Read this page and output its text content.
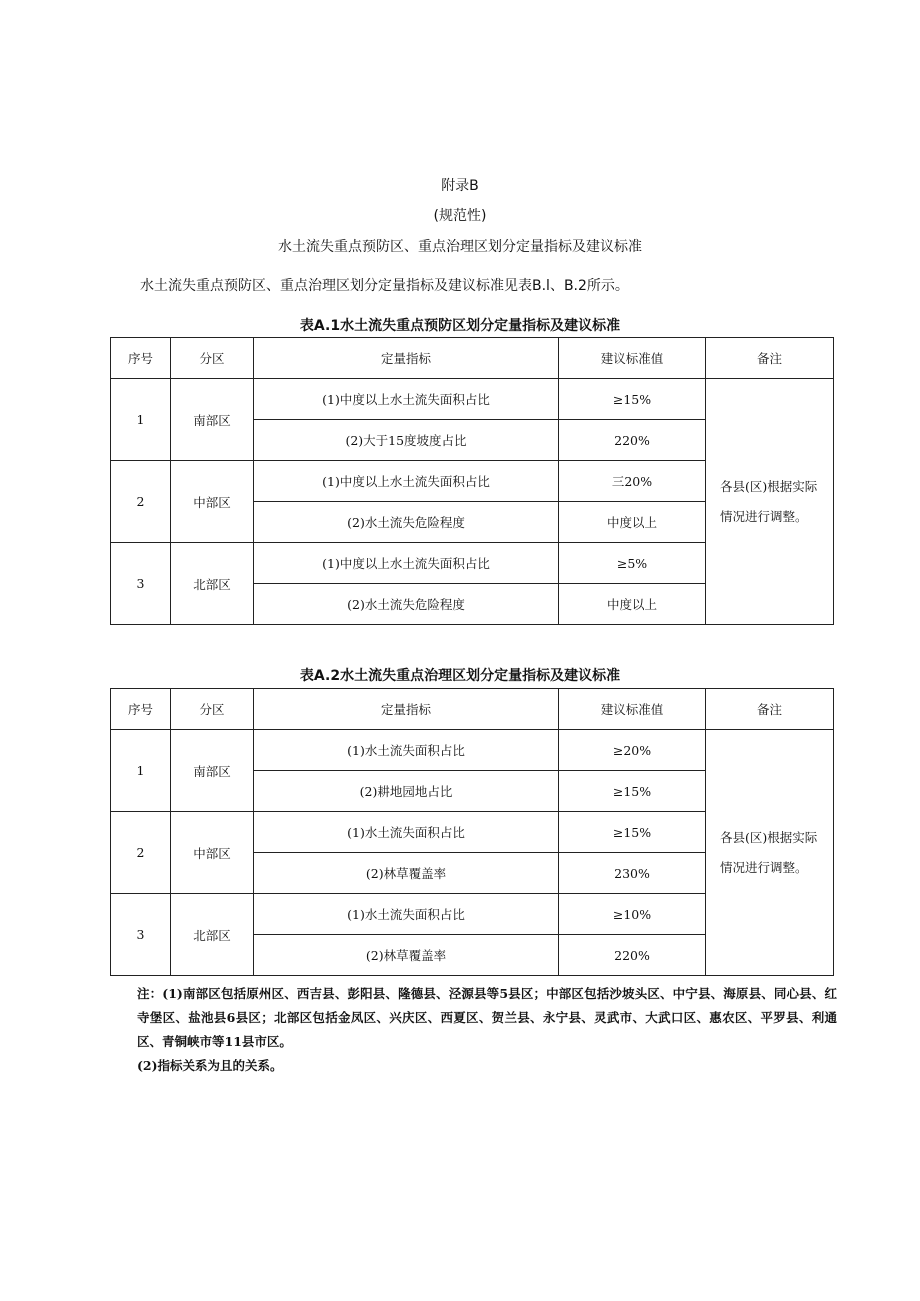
附录B
(规范性)
水土流失重点预防区、重点治理区划分定量指标及建议标准
水土流失重点预防区、重点治理区划分定量指标及建议标准见表B.l、B.2所示。
表A.1水土流失重点预防区划分定量指标及建议标准
序号	分区	定量指标	建议标准值	备注
1	南部区	(1)中度以上水土流失面积占比	≥15%	各县(区)根据实际情况进行调整。
		(2)大于15度坡度占比	220%	
2	中部区	(1)中度以上水土流失面积占比	三20%	
		(2)水土流失危险程度	中度以上	
3	北部区	(1)中度以上水土流失面积占比	≥5%	
		(2)水土流失危险程度	中度以上	
表A.2水土流失重点治理区划分定量指标及建议标准
序号	分区	定量指标	建议标准值	备注
1	南部区	(1)水土流失面积占比	≥20%	各县(区)根据实际情况进行调整。
		(2)耕地园地占比	≥15%	
2	中部区	(1)水土流失面积占比	≥15%	
		(2)林草覆盖率	230%	
3	北部区	(1)水土流失面积占比	≥10%	
		(2)林草覆盖率	220%	

注：(1)南部区包括原州区、西吉县、彭阳县、隆德县、泾源县等5县区；中部区包括沙坡头区、中宁县、海原县、同心县、红寺堡区、盐池县6县区；北部区包括金凤区、兴庆区、西夏区、贺兰县、永宁县、灵武市、大武口区、惠农区、平罗县、利通区、青铜峡市等11县市区。

(2)指标关系为且的关系。
